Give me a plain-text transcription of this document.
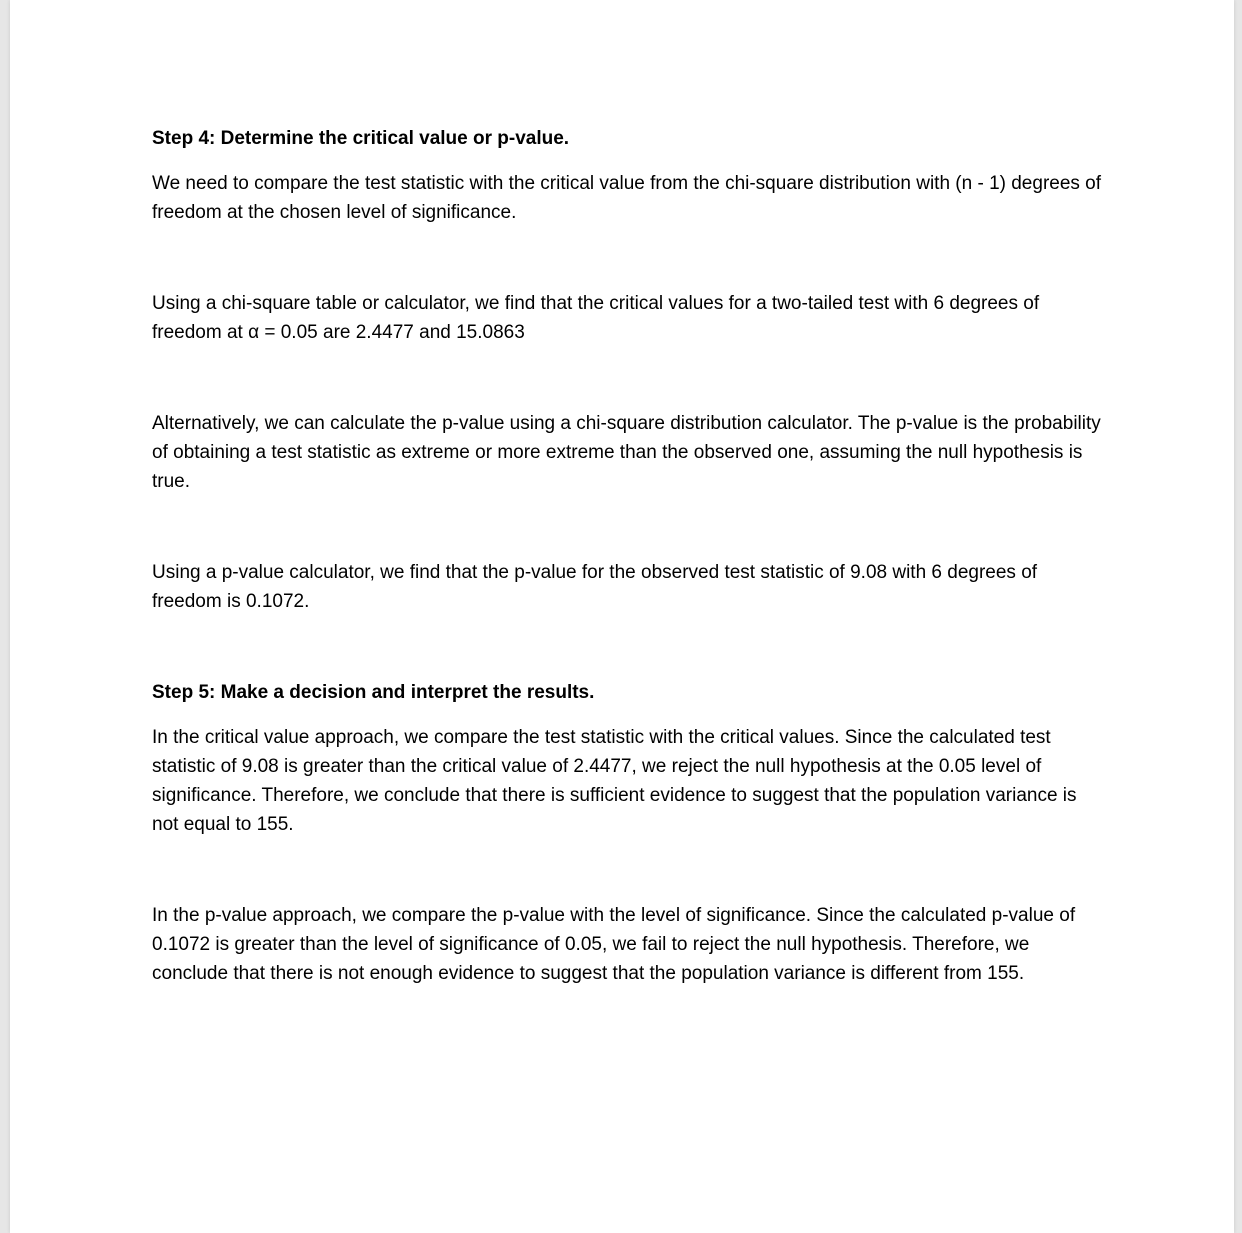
Step 4: Determine the critical value or p-value.

We need to compare the test statistic with the critical value from the chi-square distribution with (n - 1) degrees of freedom at the chosen level of significance.

Using a chi-square table or calculator, we find that the critical values for a two-tailed test with 6 degrees of freedom at α = 0.05 are 2.4477 and 15.0863

Alternatively, we can calculate the p-value using a chi-square distribution calculator. The p-value is the probability of obtaining a test statistic as extreme or more extreme than the observed one, assuming the null hypothesis is true.

Using a p-value calculator, we find that the p-value for the observed test statistic of 9.08 with 6 degrees of freedom is 0.1072.

Step 5: Make a decision and interpret the results.

In the critical value approach, we compare the test statistic with the critical values. Since the calculated test statistic of 9.08 is greater than the critical value of 2.4477, we reject the null hypothesis at the 0.05 level of significance. Therefore, we conclude that there is sufficient evidence to suggest that the population variance is not equal to 155.

In the p-value approach, we compare the p-value with the level of significance. Since the calculated p-value of 0.1072 is greater than the level of significance of 0.05, we fail to reject the null hypothesis. Therefore, we conclude that there is not enough evidence to suggest that the population variance is different from 155.
